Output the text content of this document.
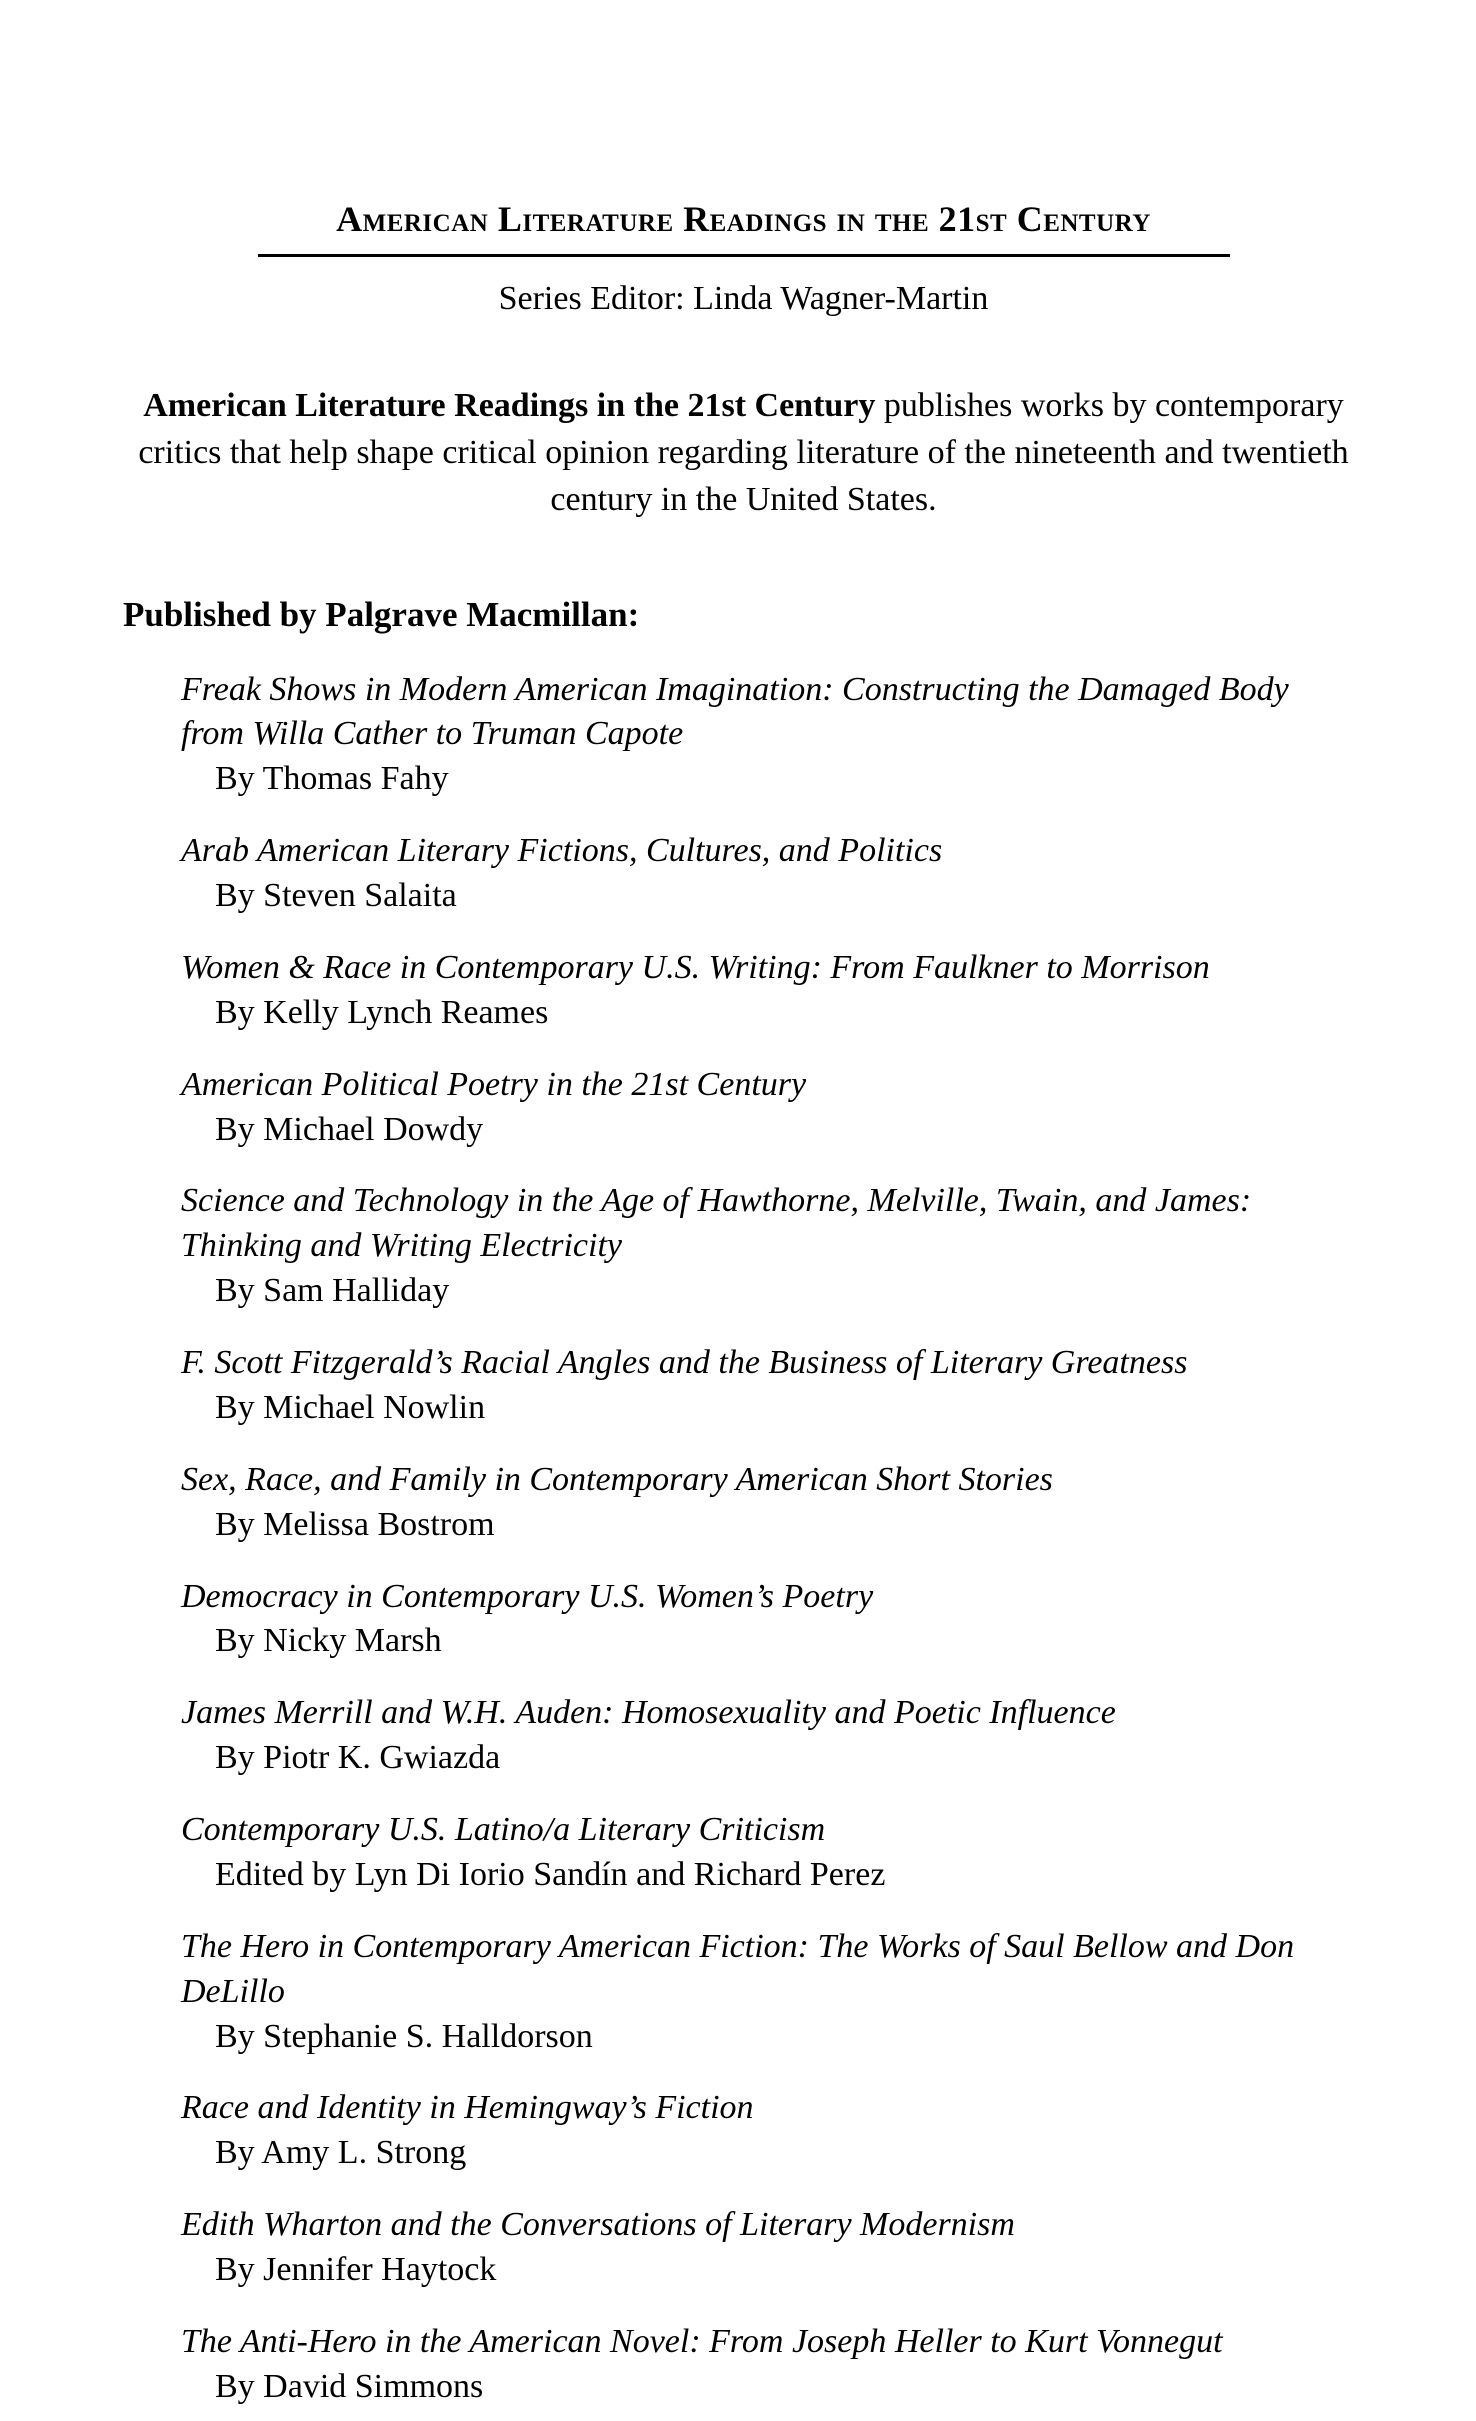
American Literature Readings in the 21st Century
Series Editor: Linda Wagner-Martin
American Literature Readings in the 21st Century publishes works by contemporary critics that help shape critical opinion regarding literature of the nineteenth and twentieth century in the United States.
Published by Palgrave Macmillan:
Freak Shows in Modern American Imagination: Constructing the Damaged Body from Willa Cather to Truman Capote
By Thomas Fahy
Arab American Literary Fictions, Cultures, and Politics
By Steven Salaita
Women & Race in Contemporary U.S. Writing: From Faulkner to Morrison
By Kelly Lynch Reames
American Political Poetry in the 21st Century
By Michael Dowdy
Science and Technology in the Age of Hawthorne, Melville, Twain, and James: Thinking and Writing Electricity
By Sam Halliday
F. Scott Fitzgerald’s Racial Angles and the Business of Literary Greatness
By Michael Nowlin
Sex, Race, and Family in Contemporary American Short Stories
By Melissa Bostrom
Democracy in Contemporary U.S. Women’s Poetry
By Nicky Marsh
James Merrill and W.H. Auden: Homosexuality and Poetic Influence
By Piotr K. Gwiazda
Contemporary U.S. Latino/a Literary Criticism
Edited by Lyn Di Iorio Sandín and Richard Perez
The Hero in Contemporary American Fiction: The Works of Saul Bellow and Don DeLillo
By Stephanie S. Halldorson
Race and Identity in Hemingway’s Fiction
By Amy L. Strong
Edith Wharton and the Conversations of Literary Modernism
By Jennifer Haytock
The Anti-Hero in the American Novel: From Joseph Heller to Kurt Vonnegut
By David Simmons
